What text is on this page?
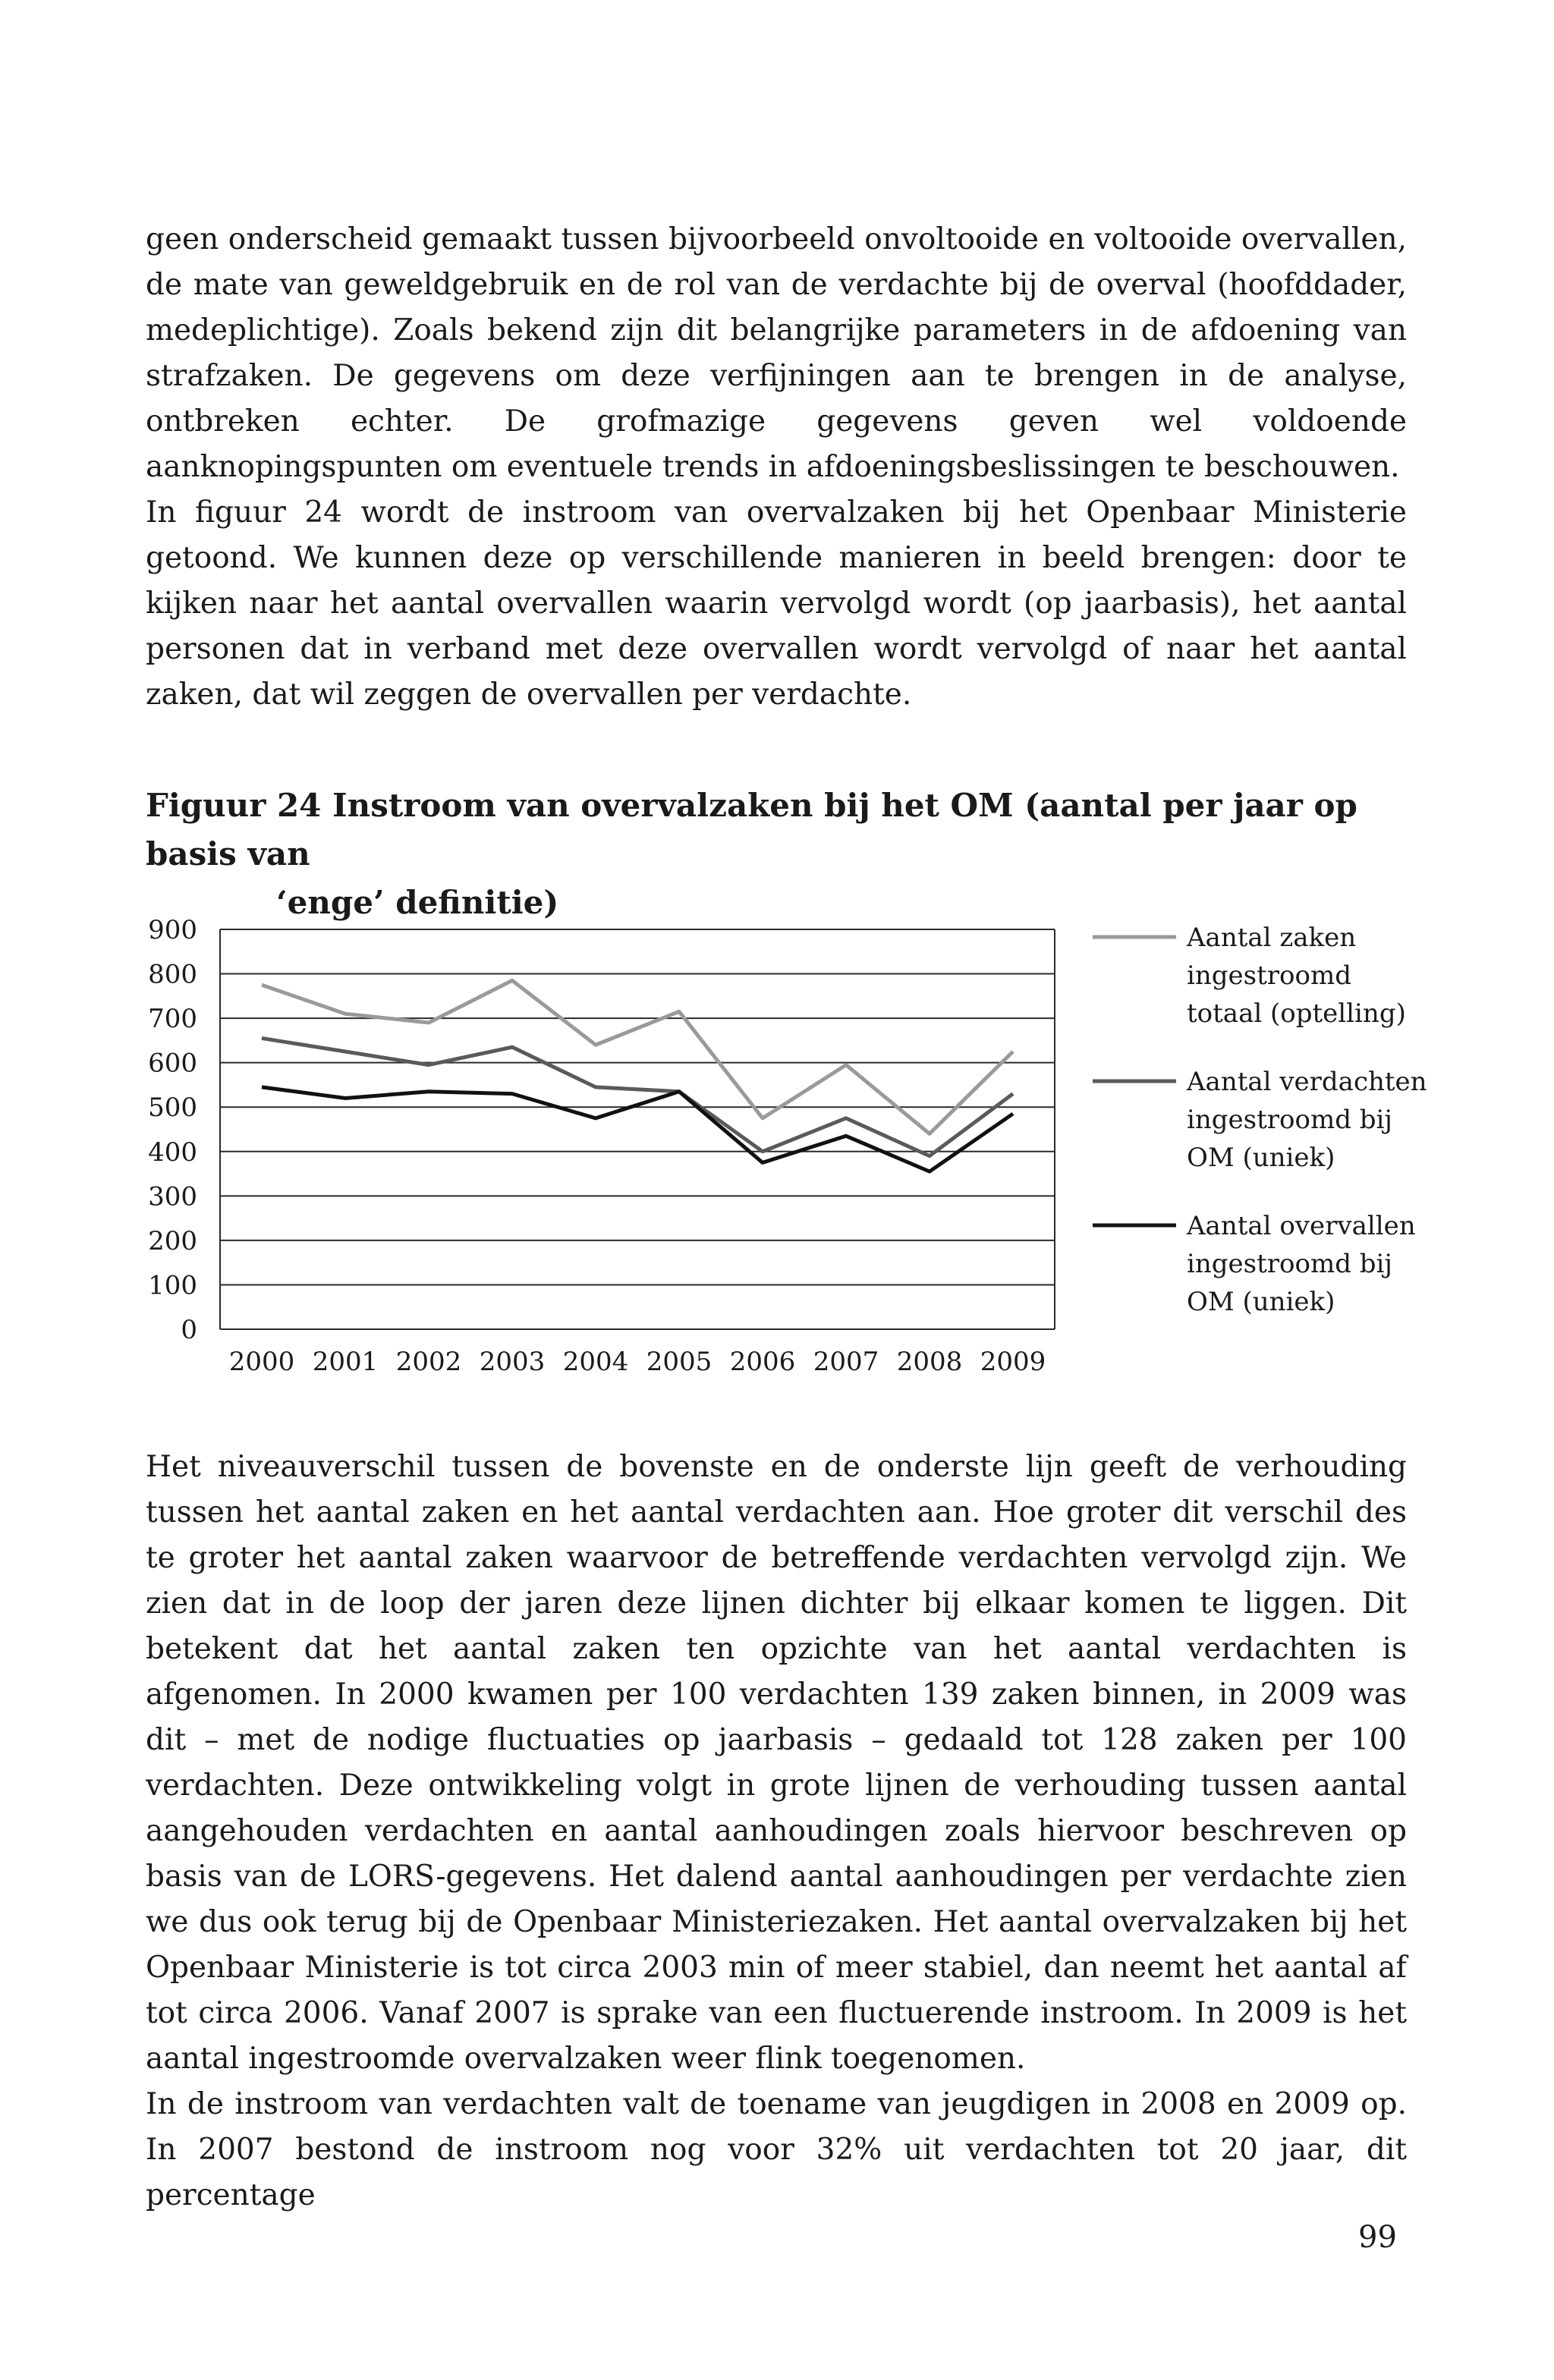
geen onderscheid gemaakt tussen bijvoorbeeld onvoltooide en voltooide overvallen, de mate van geweldgebruik en de rol van de verdachte bij de overval (hoofddader, medeplichtige). Zoals bekend zijn dit belangrijke parameters in de afdoening van strafzaken. De gegevens om deze verfijningen aan te brengen in de analyse, ontbreken echter. De grofmazige gegevens geven wel voldoende aanknopingspunten om eventuele trends in afdoeningsbeslissingen te beschouwen.

In figuur 24 wordt de instroom van overvalzaken bij het Openbaar Ministerie getoond. We kunnen deze op verschillende manieren in beeld brengen: door te kijken naar het aantal overvallen waarin vervolgd wordt (op jaarbasis), het aantal personen dat in verband met deze overvallen wordt vervolgd of naar het aantal zaken, dat wil zeggen de overvallen per verdachte.

Figuur 24 Instroom van overvalzaken bij het OM (aantal per jaar op basis van
‘enge’ definitie)
0
100
200
300
400
500
600
700
800
900
2000 2001 2002 2003 2004 2005 2006 2007 2008 2009
Aantal zaken
ingestroomd
totaal (optelling)
Aantal verdachten
ingestroomd bij
OM (uniek)
Aantal overvallen
ingestroomd bij
OM (uniek)

Het niveauverschil tussen de bovenste en de onderste lijn geeft de verhouding tussen het aantal zaken en het aantal verdachten aan. Hoe groter dit verschil des te groter het aantal zaken waarvoor de betreffende verdachten vervolgd zijn. We zien dat in de loop der jaren deze lijnen dichter bij elkaar komen te liggen. Dit betekent dat het aantal zaken ten opzichte van het aantal verdachten is afgenomen. In 2000 kwamen per 100 verdachten 139 zaken binnen, in 2009 was dit – met de nodige fluctuaties op jaarbasis – gedaald tot 128 zaken per 100 verdachten. Deze ontwikkeling volgt in grote lijnen de verhouding tussen aantal aangehouden verdachten en aantal aanhoudingen zoals hiervoor beschreven op basis van de LORS-gegevens. Het dalend aantal aanhoudingen per verdachte zien we dus ook terug bij de Openbaar Ministeriezaken. Het aantal overvalzaken bij het Openbaar Ministerie is tot circa 2003 min of meer stabiel, dan neemt het aantal af tot circa 2006. Vanaf 2007 is sprake van een fluctuerende instroom. In 2009 is het aantal ingestroomde overvalzaken weer flink toegenomen.

In de instroom van verdachten valt de toename van jeugdigen in 2008 en 2009 op. In 2007 bestond de instroom nog voor 32% uit verdachten tot 20 jaar, dit percentage

99
